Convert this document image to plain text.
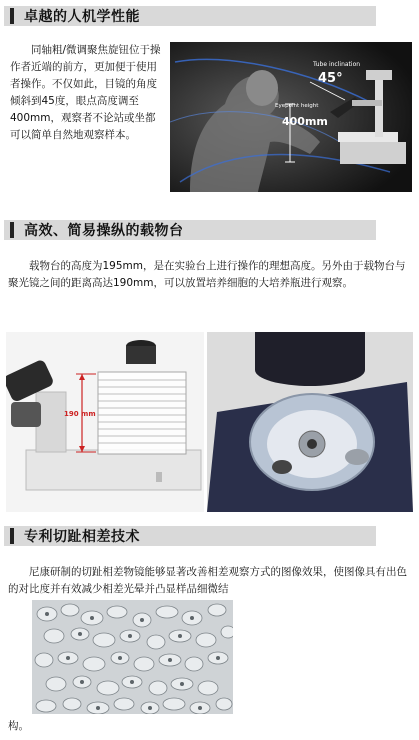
卓越的人机学性能
同轴粗/微调聚焦旋钮位于操作者近端的前方，更加便于使用者操作。不仅如此，目镜的角度倾斜到45度，眼点高度调至400mm，观察者不论站或坐都可以简单自然地观察样本。
Tube inclination
45°
Eyepoint height
400mm
高效、简易操纵的载物台
载物台的高度为195mm，是在实验台上进行操作的理想高度。另外由于载物台与聚光镜之间的距离高达190mm，可以放置培养细胞的大培养瓶进行观察。
190 mm
专利切趾相差技术
尼康研制的切趾相差物镜能够显著改善相差观察方式的图像效果，使图像具有出色的对比度并有效减少相差光晕并凸显样品细微结
构。
